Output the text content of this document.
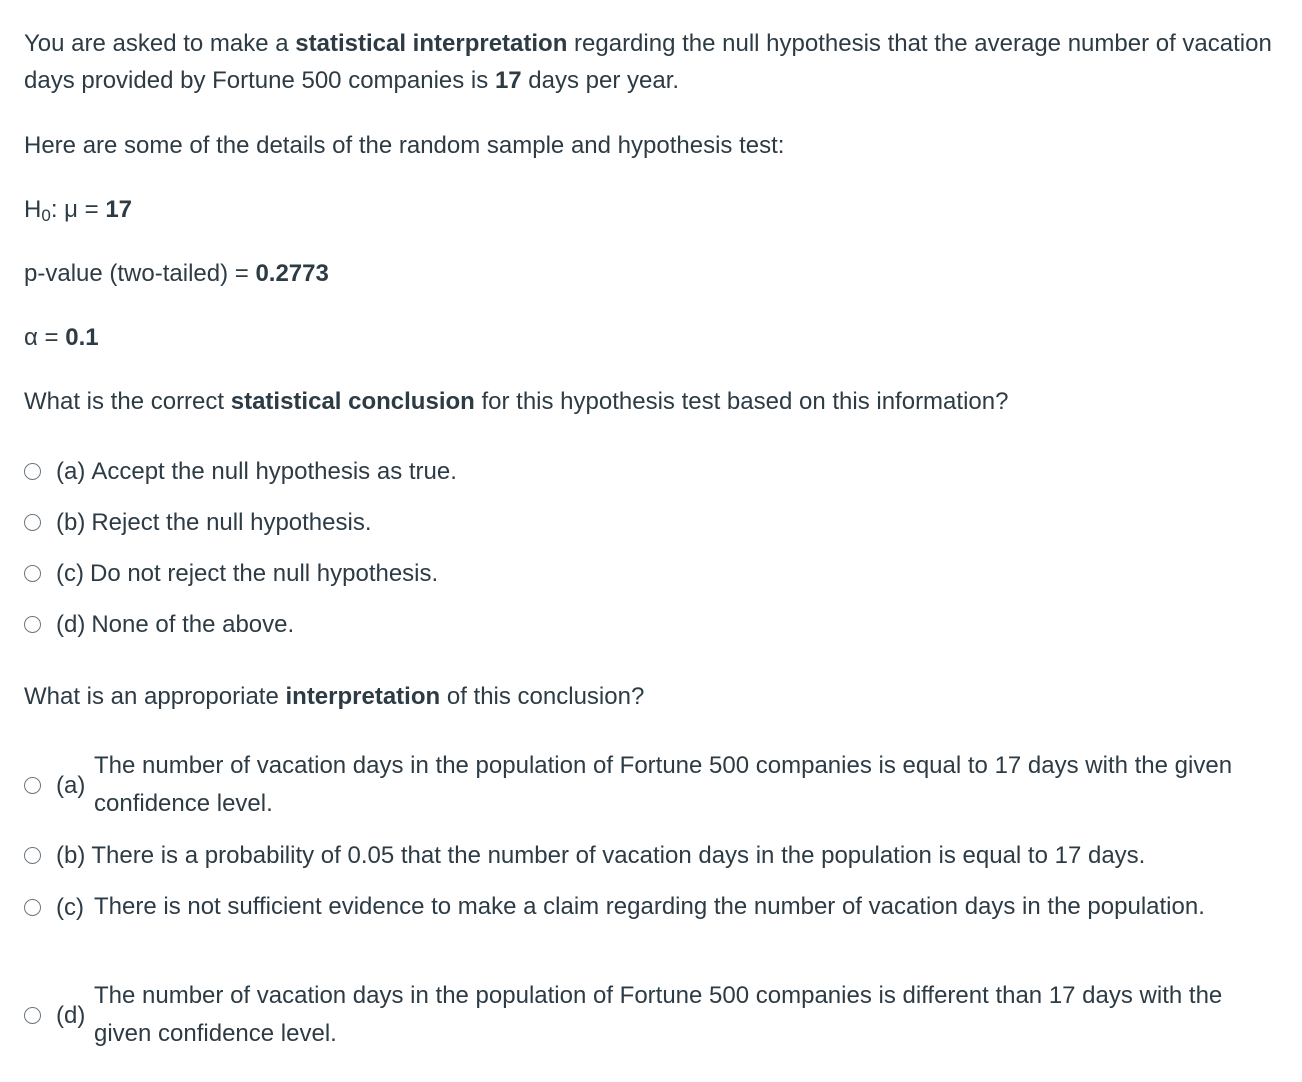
You are asked to make a statistical interpretation regarding the null hypothesis that the average number of vacation days provided by Fortune 500 companies is 17 days per year.

Here are some of the details of the random sample and hypothesis test:

$H_0$: μ = 17

p-value (two-tailed) = 0.2773

α = 0.1

What is the correct statistical conclusion for this hypothesis test based on this information?

(a) Accept the null hypothesis as true.
(b) Reject the null hypothesis.
(c) Do not reject the null hypothesis.
(d) None of the above.

What is an approporiate interpretation of this conclusion?

(a)
The number of vacation days in the population of Fortune 500 companies is equal to 17 days with the given confidence level.
(b) There is a probability of 0.05 that the number of vacation days in the population is equal to 17 days.
(c) There is not sufficient evidence to make a claim regarding the number of vacation days in the population.
(d)
The number of vacation days in the population of Fortune 500 companies is different than 17 days with the given confidence level.
